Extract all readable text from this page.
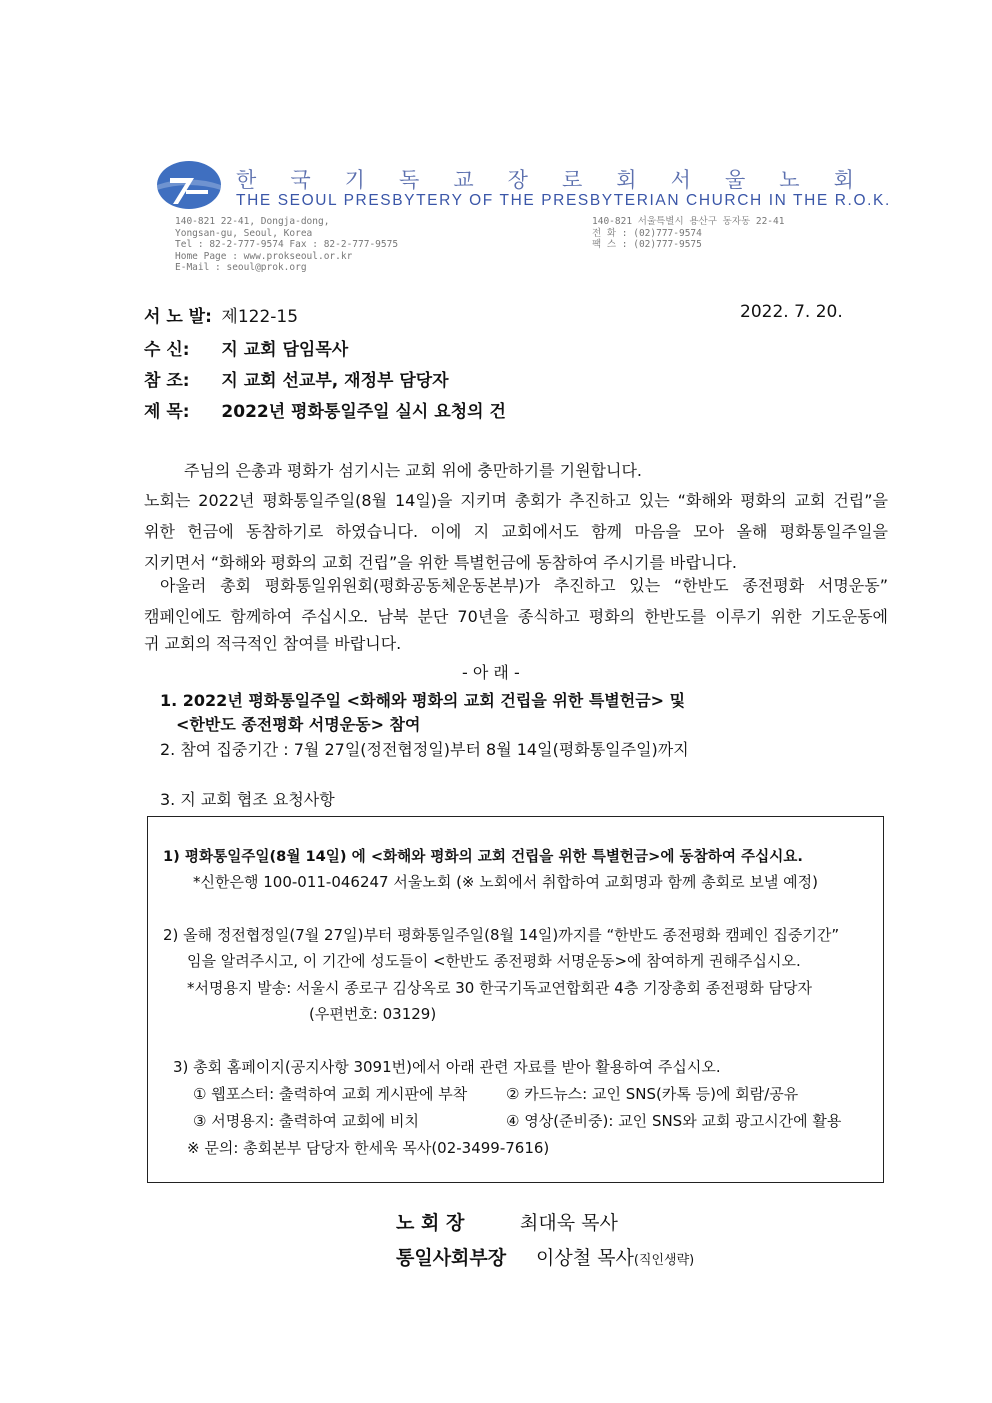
한 국 기 독 교 장 로 회 서 울 노 회
THE SEOUL PRESBYTERY OF THE PRESBYTERIAN CHURCH IN THE R.O.K.
140-821 22-41, Dongja-dong,
Yongsan-gu, Seoul, Korea
Tel : 82-2-777-9574 Fax : 82-2-777-9575
Home Page : www.prokseoul.or.kr
E-Mail : seoul@prok.org
140-821 서울특별시 용산구 동자동 22-41
전 화 : (02)777-9574
팩 스 : (02)777-9575
서 노 발: 제122-15	2022. 7. 20.
수 신: 지 교회 담임목사
참 조: 지 교회 선교부, 재정부 담당자
제 목: 2022년 평화통일주일 실시 요청의 건
주님의 은총과 평화가 섬기시는 교회 위에 충만하기를 기원합니다.
노회는 2022년 평화통일주일(8월 14일)을 지키며 총회가 추진하고 있는 “화해와 평화의 교회 건립”을
위한 헌금에 동참하기로 하였습니다. 이에 지 교회에서도 함께 마음을 모아 올해 평화통일주일을
지키면서 “화해와 평화의 교회 건립”을 위한 특별헌금에 동참하여 주시기를 바랍니다.
아울러 총회 평화통일위원회(평화공동체운동본부)가 추진하고 있는 “한반도 종전평화 서명운동”
캠페인에도 함께하여 주십시오. 남북 분단 70년을 종식하고 평화의 한반도를 이루기 위한 기도운동에
귀 교회의 적극적인 참여를 바랍니다.
- 아 래 -
1. 2022년 평화통일주일 <화해와 평화의 교회 건립을 위한 특별헌금> 및
<한반도 종전평화 서명운동> 참여
2. 참여 집중기간 : 7월 27일(정전협정일)부터 8월 14일(평화통일주일)까지
3. 지 교회 협조 요청사항
1) 평화통일주일(8월 14일) 에 <화해와 평화의 교회 건립을 위한 특별헌금>에 동참하여 주십시요.
*신한은행 100-011-046247 서울노회 (※ 노회에서 취합하여 교회명과 함께 총회로 보낼 예정)
2) 올해 정전협정일(7월 27일)부터 평화통일주일(8월 14일)까지를 “한반도 종전평화 캠페인 집중기간”
임을 알려주시고, 이 기간에 성도들이 <한반도 종전평화 서명운동>에 참여하게 권해주십시오.
*서명용지 발송: 서울시 종로구 김상옥로 30 한국기독교연합회관 4층 기장총회 종전평화 담당자
(우편번호: 03129)
3) 총회 홈페이지(공지사항 3091번)에서 아래 관련 자료를 받아 활용하여 주십시오.
① 웹포스터: 출력하여 교회 게시판에 부착	② 카드뉴스: 교인 SNS(카톡 등)에 회람/공유
③ 서명용지: 출력하여 교회에 비치	④ 영상(준비중): 교인 SNS와 교회 광고시간에 활용
※ 문의: 총회본부 담당자 한세욱 목사(02-3499-7616)
노 회 장	최대욱 목사
통일사회부장 이상철 목사(직인생략)
